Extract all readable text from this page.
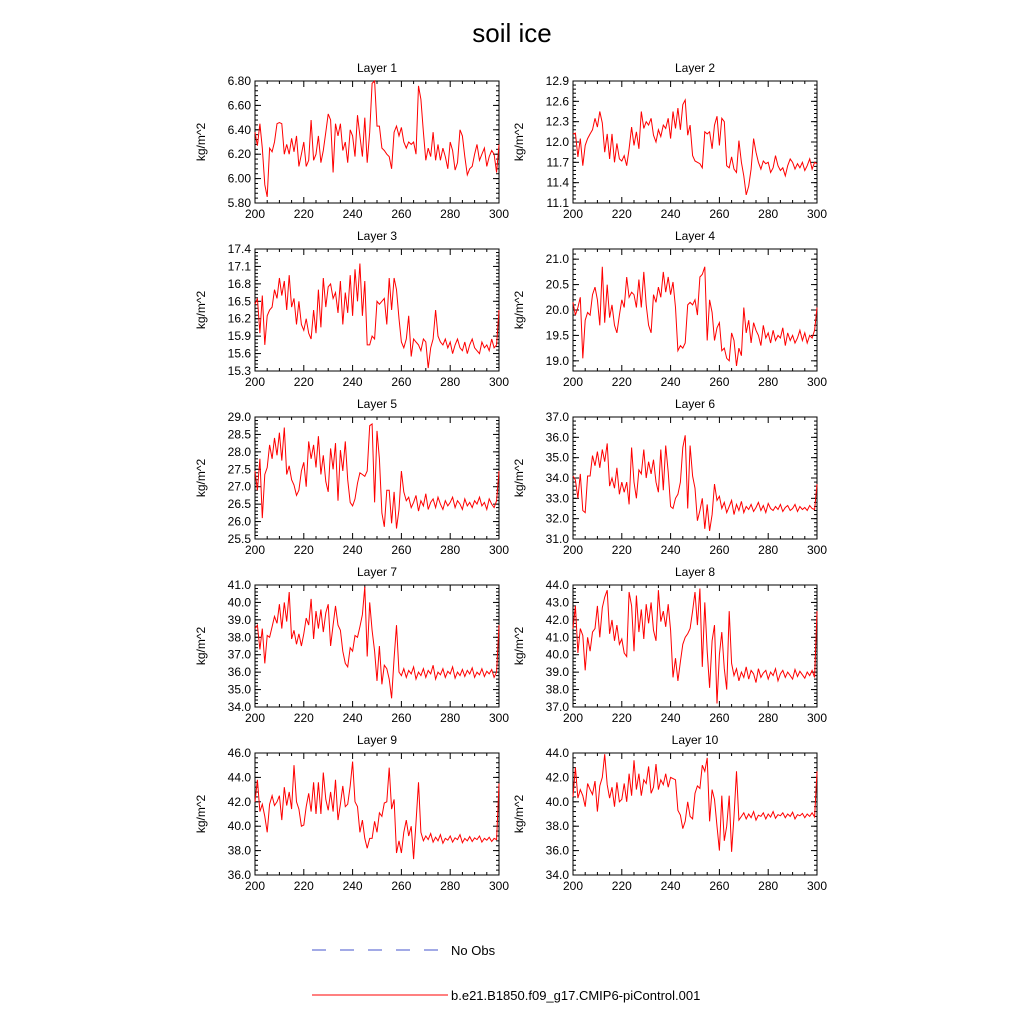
soil ice
Layer 1
200 220 240 260 280 300
5.80
6.00
6.20
6.40
6.60
6.80
kg/m^2
Layer 2
200 220 240 260 280 300
11.1
11.4
11.7
12.0
12.3
12.6
12.9
kg/m^2
Layer 3
200 220 240 260 280 300
15.3
15.6
15.9
16.2
16.5
16.8
17.1
17.4
kg/m^2
Layer 4
200 220 240 260 280 300
19.0
19.5
20.0
20.5
21.0
kg/m^2
Layer 5
200 220 240 260 280 300
25.5
26.0
26.5
27.0
27.5
28.0
28.5
29.0
kg/m^2
Layer 6
200 220 240 260 280 300
31.0
32.0
33.0
34.0
35.0
36.0
37.0
kg/m^2
Layer 7
200 220 240 260 280 300
34.0
35.0
36.0
37.0
38.0
39.0
40.0
41.0
kg/m^2
Layer 8
200 220 240 260 280 300
37.0
38.0
39.0
40.0
41.0
42.0
43.0
44.0
kg/m^2
Layer 9
200 220 240 260 280 300
36.0
38.0
40.0
42.0
44.0
46.0
kg/m^2
Layer 10
200 220 240 260 280 300
34.0
36.0
38.0
40.0
42.0
44.0
kg/m^2
No Obs
b.e21.B1850.f09_g17.CMIP6-piControl.001
